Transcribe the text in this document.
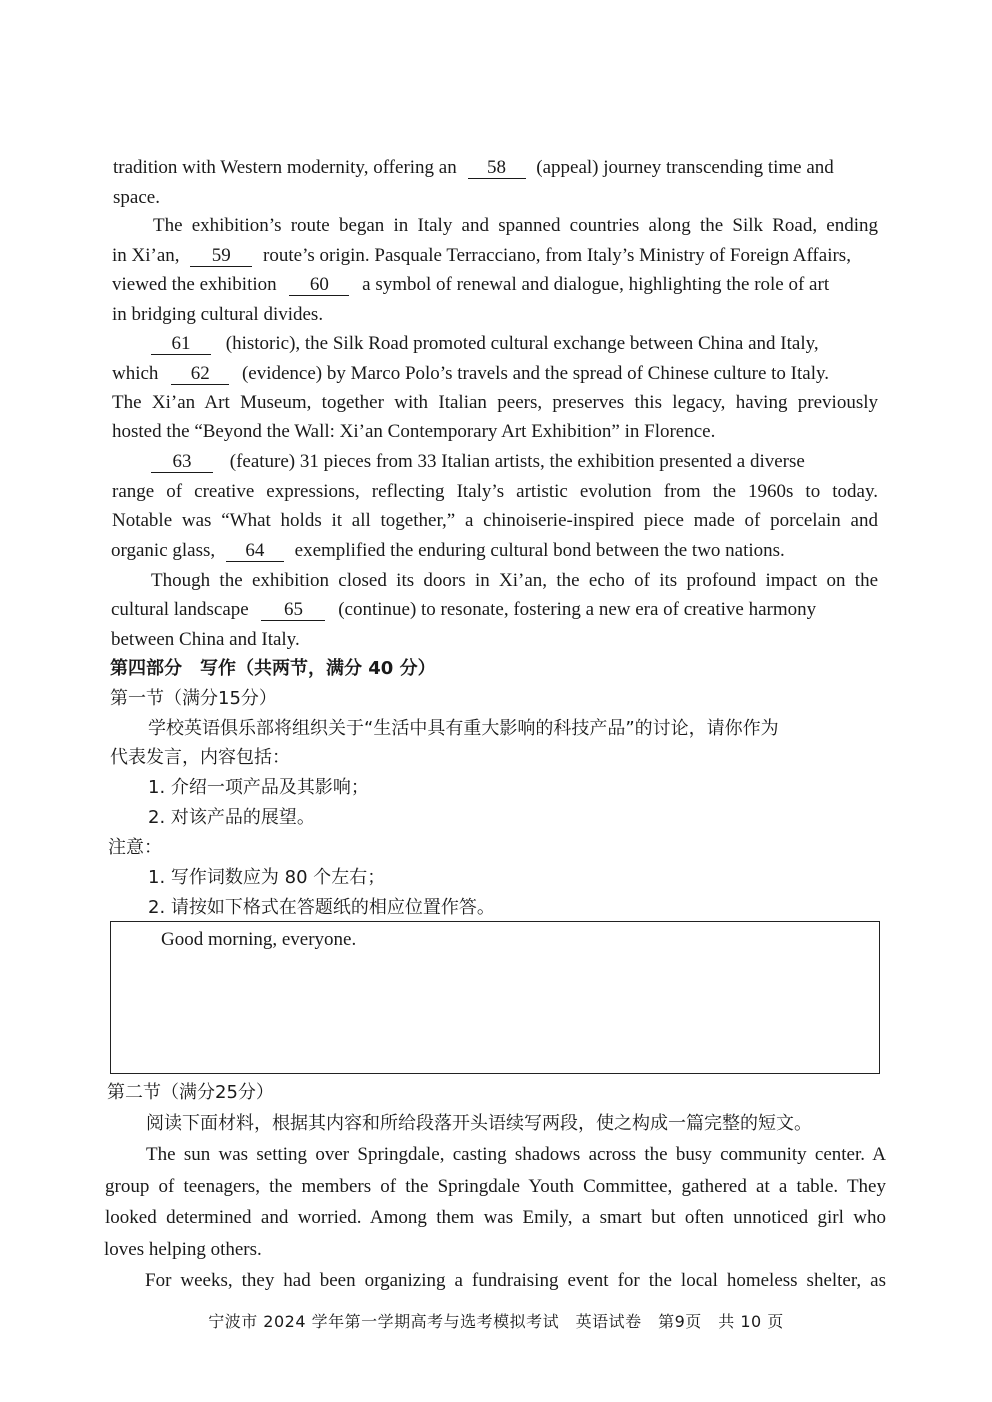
tradition with Western modernity, offering an 58 (appeal) journey transcending time and
space.
The exhibition’s route began in Italy and spanned countries along the Silk Road, ending
in Xi’an, 59 route’s origin. Pasquale Terracciano, from Italy’s Ministry of Foreign Affairs,
viewed the exhibition 60 a symbol of renewal and dialogue, highlighting the role of art
in bridging cultural divides.
61 (historic), the Silk Road promoted cultural exchange between China and Italy,
which 62 (evidence) by Marco Polo’s travels and the spread of Chinese culture to Italy.
The Xi’an Art Museum, together with Italian peers, preserves this legacy, having previously
hosted the “Beyond the Wall: Xi’an Contemporary Art Exhibition” in Florence.
63 (feature) 31 pieces from 33 Italian artists, the exhibition presented a diverse
range of creative expressions, reflecting Italy’s artistic evolution from the 1960s to today.
Notable was “What holds it all together,” a chinoiserie-inspired piece made of porcelain and
organic glass, 64 exemplified the enduring cultural bond between the two nations.
Though the exhibition closed its doors in Xi’an, the echo of its profound impact on the
cultural landscape 65 (continue) to resonate, fostering a new era of creative harmony
between China and Italy.
第四部分　写作（共两节，满分 40 分）
第一节（满分15分）
学校英语俱乐部将组织关于“生活中具有重大影响的科技产品”的讨论，请你作为
代表发言，内容包括：
1. 介绍一项产品及其影响；
2. 对该产品的展望。
注意：
1. 写作词数应为 80 个左右；
2. 请按如下格式在答题纸的相应位置作答。
Good morning, everyone.
第二节（满分25分）
阅读下面材料，根据其内容和所给段落开头语续写两段，使之构成一篇完整的短文。
The sun was setting over Springdale, casting shadows across the busy community center. A
group of teenagers, the members of the Springdale Youth Committee, gathered at a table. They
looked determined and worried. Among them was Emily, a smart but often unnoticed girl who
loves helping others.
For weeks, they had been organizing a fundraising event for the local homeless shelter, as
宁波市 2024 学年第一学期高考与选考模拟考试　英语试卷　第9页　共 10 页
